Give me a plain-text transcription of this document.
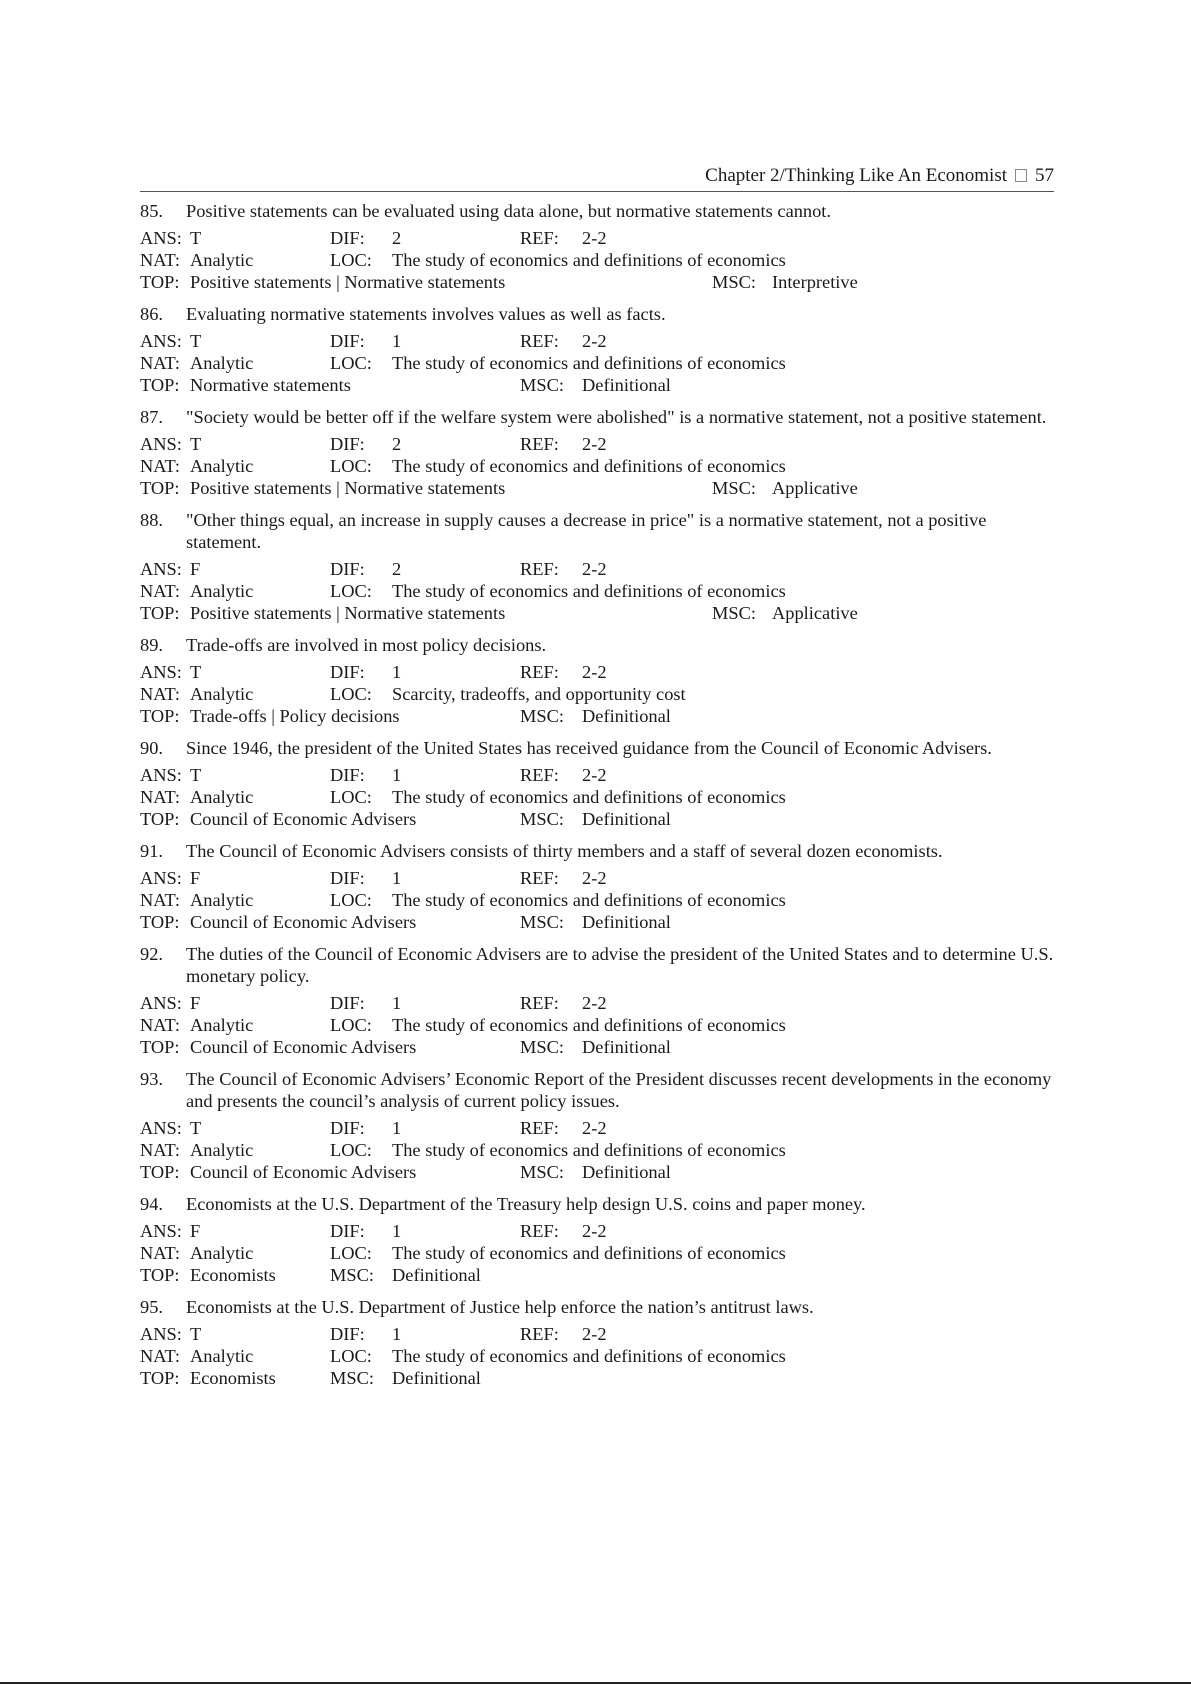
Chapter 2/Thinking Like An Economist 57
85.	Positive statements can be evaluated using data alone, but normative statements cannot.
ANS: T	DIF: 2	REF: 2-2
NAT: Analytic	LOC: The study of economics and definitions of economics
TOP: Positive statements | Normative statements	MSC: Interpretive
86.	Evaluating normative statements involves values as well as facts.
ANS: T	DIF: 1	REF: 2-2
NAT: Analytic	LOC: The study of economics and definitions of economics
TOP: Normative statements	MSC: Definitional
87.	"Society would be better off if the welfare system were abolished" is a normative statement, not a positive statement.
ANS: T	DIF: 2	REF: 2-2
NAT: Analytic	LOC: The study of economics and definitions of economics
TOP: Positive statements | Normative statements	MSC: Applicative
88.	"Other things equal, an increase in supply causes a decrease in price" is a normative statement, not a positive statement.
ANS: F	DIF: 2	REF: 2-2
NAT: Analytic	LOC: The study of economics and definitions of economics
TOP: Positive statements | Normative statements	MSC: Applicative
89.	Trade-offs are involved in most policy decisions.
ANS: T	DIF: 1	REF: 2-2
NAT: Analytic	LOC: Scarcity, tradeoffs, and opportunity cost
TOP: Trade-offs | Policy decisions	MSC: Definitional
90.	Since 1946, the president of the United States has received guidance from the Council of Economic Advisers.
ANS: T	DIF: 1	REF: 2-2
NAT: Analytic	LOC: The study of economics and definitions of economics
TOP: Council of Economic Advisers	MSC: Definitional
91.	The Council of Economic Advisers consists of thirty members and a staff of several dozen economists.
ANS: F	DIF: 1	REF: 2-2
NAT: Analytic	LOC: The study of economics and definitions of economics
TOP: Council of Economic Advisers	MSC: Definitional
92.	The duties of the Council of Economic Advisers are to advise the president of the United States and to determine U.S. monetary policy.
ANS: F	DIF: 1	REF: 2-2
NAT: Analytic	LOC: The study of economics and definitions of economics
TOP: Council of Economic Advisers	MSC: Definitional
93.	The Council of Economic Advisers’ Economic Report of the President discusses recent developments in the economy and presents the council’s analysis of current policy issues.
ANS: T	DIF: 1	REF: 2-2
NAT: Analytic	LOC: The study of economics and definitions of economics
TOP: Council of Economic Advisers	MSC: Definitional
94.	Economists at the U.S. Department of the Treasury help design U.S. coins and paper money.
ANS: F	DIF: 1	REF: 2-2
NAT: Analytic	LOC: The study of economics and definitions of economics
TOP: Economists	MSC: Definitional
95.	Economists at the U.S. Department of Justice help enforce the nation’s antitrust laws.
ANS: T	DIF: 1	REF: 2-2
NAT: Analytic	LOC: The study of economics and definitions of economics
TOP: Economists	MSC: Definitional
